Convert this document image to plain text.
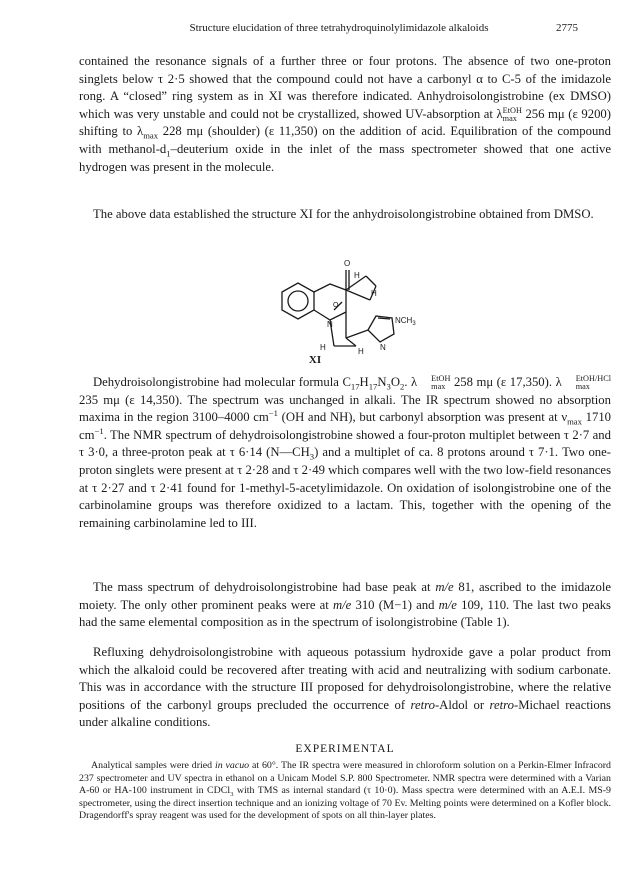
Structure elucidation of three tetrahydroquinolylimidazole alkaloids	2775

contained the resonance signals of a further three or four protons. The absence of two one-proton singlets below τ 2·5 showed that the compound could not have a carbonyl α to C-5 of the imidazole rong. A “closed” ring system as in XI was therefore indicated. Anhydroisolongistrobine (ex DMSO) which was very unstable and could not be crystallized, showed UV-absorption at λ EtOH
max 256 mμ (ε 9200) shifting to $\lambda_{max}$ 228 mμ (shoulder) (ε 11,350) on the addition of acid. Equilibration of the compound with methanol-$d_1$–deuterium oxide in the inlet of the mass spectrometer showed that one active hydrogen was present in the molecule.

The above data established the structure XI for the anhydroisolongistrobine obtained from DMSO.

O
H
H
O
N	$NCH_3$
N
H	H
XI

Dehydroisolongistrobine had molecular formula $C_{17}H_{17}N_3O_2$. λ	EtOH
max 258 mμ (ε 17,350). λ	EtOH/HCl
max
235 mμ (ε 14,350). The spectrum was unchanged in alkali. The IR spectrum showed no absorption maxima in the region 3100–4000 $cm^{-1}$ (OH and NH), but carbonyl absorption was present at $\nu_{max}$ 1710 $cm^{-1}$. The NMR spectrum of dehydroisolongistrobine showed a four-proton multiplet between τ 2·7 and τ 3·0, a three-proton peak at τ 6·14 $(N—CH_3)$ and a multiplet of ca. 8 protons around τ 7·1. Two one-proton singlets were present at τ 2·28 and τ 2·49 which compares well with the two low-field resonances at τ 2·27 and τ 2·41 found for 1-methyl-5-acetylimidazole. On oxidation of isolongistrobine one of the carbinolamine groups was therefore oxidized to a lactam. This, together with the opening of the remaining carbinolamine led to III.

The mass spectrum of dehydroisolongistrobine had base peak at m/e 81, ascribed to the imidazole moiety. The only other prominent peaks were at m/e 310 (M−1) and m/e 109, 110. The last two peaks had the same elemental composition as in the spectrum of isolongistrobine (Table 1).

Refluxing dehydroisolongistrobine with aqueous potassium hydroxide gave a polar product from which the alkaloid could be recovered after treating with acid and neutralizing with sodium carbonate. This was in accordance with the structure III proposed for dehydroisolongistrobine, where the relative positions of the carbonyl groups precluded the occurrence of retro-Aldol or retro-Michael reactions under alkaline conditions.

EXPERIMENTAL

Analytical samples were dried in vacuo at 60°. The IR spectra were measured in chloroform solution on a Perkin-Elmer Infracord 237 spectrometer and UV spectra in ethanol on a Unicam Model S.P. 800 Spectrometer. NMR spectra were determined with a Varian A-60 or HA-100 instrument in CDCl$_3$ with TMS as internal standard (τ 10·0). Mass spectra were determined with an A.E.I. MS-9 spectrometer, using the direct insertion technique and an ionizing voltage of 70 Ev. Melting points were determined on a Kofler block. Dragendorff's spray reagent was used for the development of spots on all thin-layer plates.
